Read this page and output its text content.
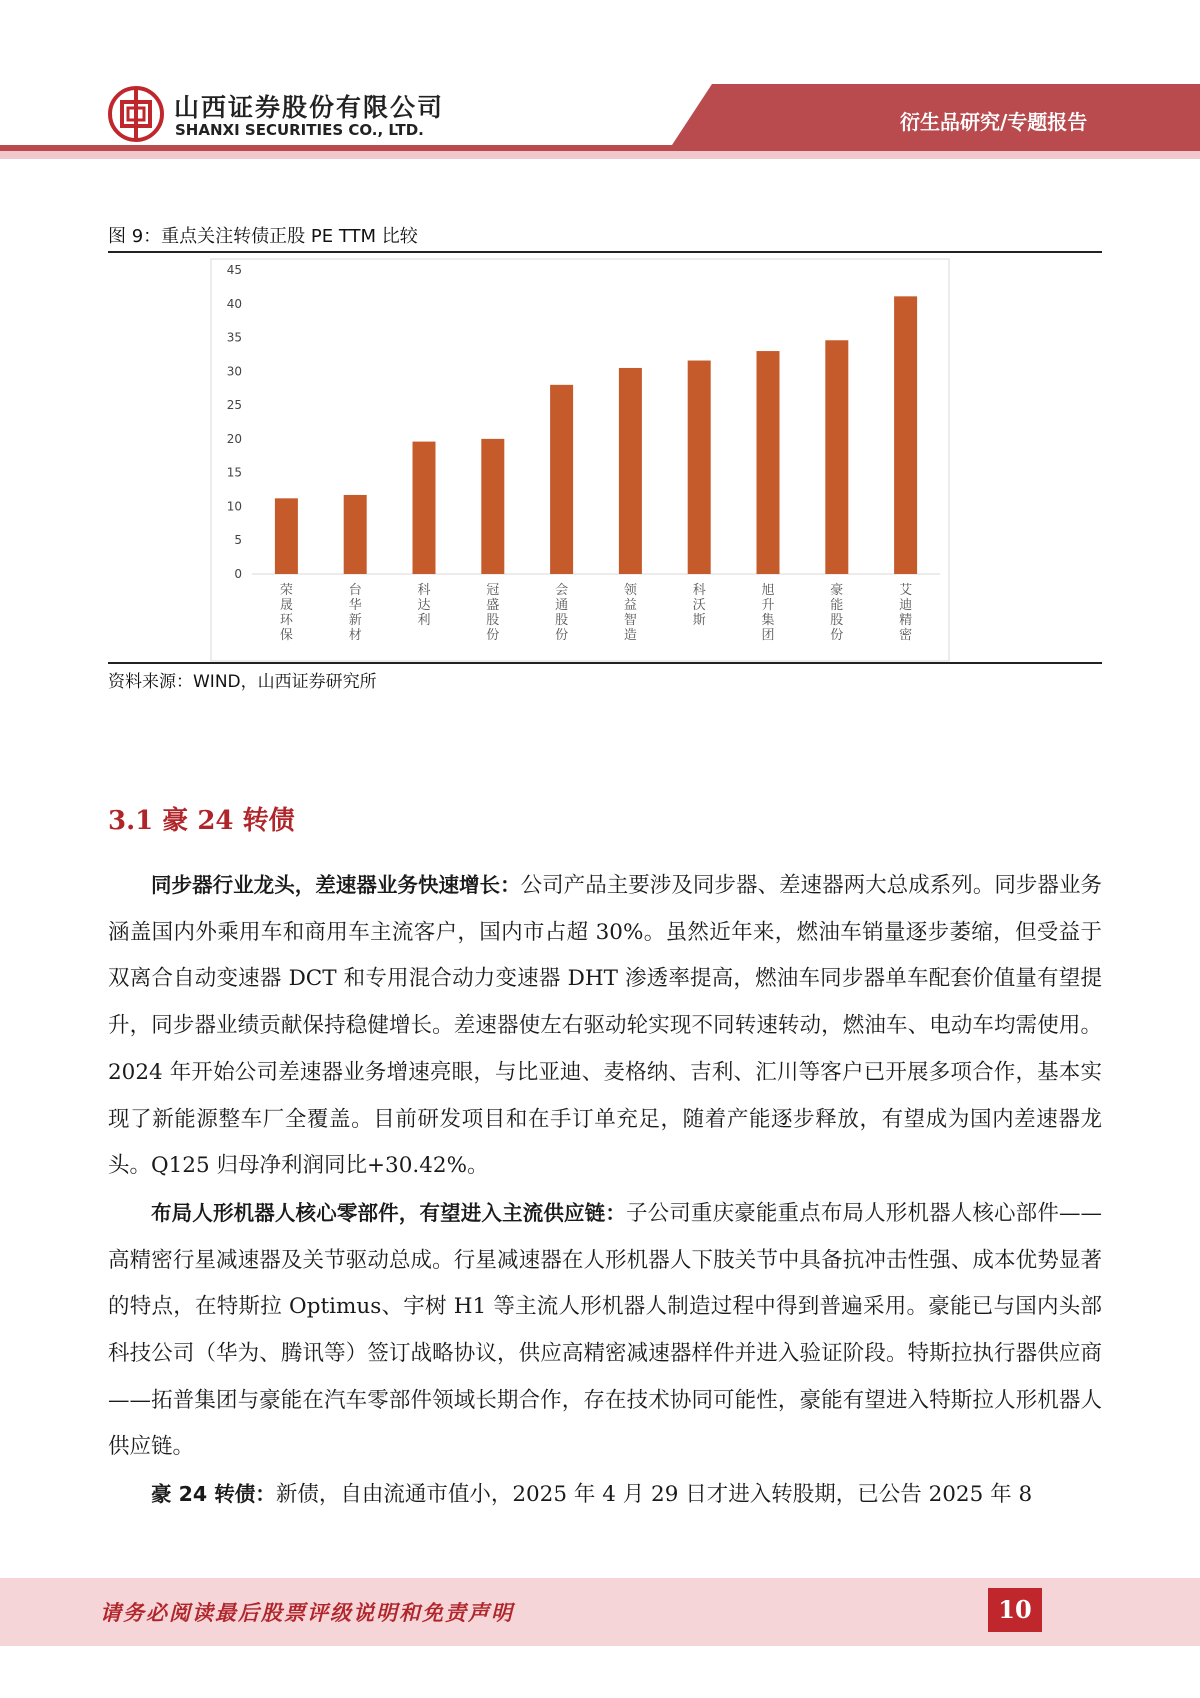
山西证券股份有限公司
SHANXI SECURITIES CO., LTD.	衍生品研究/专题报告
图 9：重点关注转债正股 PE TTM 比较
0
5
10
15
20
25
30
35
40
45
荣晟环保
台华新材
科达利
冠盛股份
会通股份
领益智造
科沃斯
旭升集团
豪能股份
艾迪精密
资料来源：WIND，山西证券研究所
3.1 豪 24 转债

同步器行业龙头，差速器业务快速增长：公司产品主要涉及同步器、差速器两大总成系列。同步器业务涵盖国内外乘用车和商用车主流客户，国内市占超 30%。虽然近年来，燃油车销量逐步萎缩，但受益于双离合自动变速器 DCT 和专用混合动力变速器 DHT 渗透率提高，燃油车同步器单车配套价值量有望提升，同步器业绩贡献保持稳健增长。差速器使左右驱动轮实现不同转速转动，燃油车、电动车均需使用。2024 年开始公司差速器业务增速亮眼，与比亚迪、麦格纳、吉利、汇川等客户已开展多项合作，基本实现了新能源整车厂全覆盖。目前研发项目和在手订单充足，随着产能逐步释放，有望成为国内差速器龙头。Q125 归母净利润同比+30.42%。

布局人形机器人核心零部件，有望进入主流供应链：子公司重庆豪能重点布局人形机器人核心部件——高精密行星减速器及关节驱动总成。行星减速器在人形机器人下肢关节中具备抗冲击性强、成本优势显著的特点，在特斯拉 Optimus、宇树 H1 等主流人形机器人制造过程中得到普遍采用。豪能已与国内头部科技公司（华为、腾讯等）签订战略协议，供应高精密减速器样件并进入验证阶段。特斯拉执行器供应商——拓普集团与豪能在汽车零部件领域长期合作，存在技术协同可能性，豪能有望进入特斯拉人形机器人供应链。

豪 24 转债：新债，自由流通市值小，2025 年 4 月 29 日才进入转股期，已公告 2025 年 8

请务必阅读最后股票评级说明和免责声明	10
